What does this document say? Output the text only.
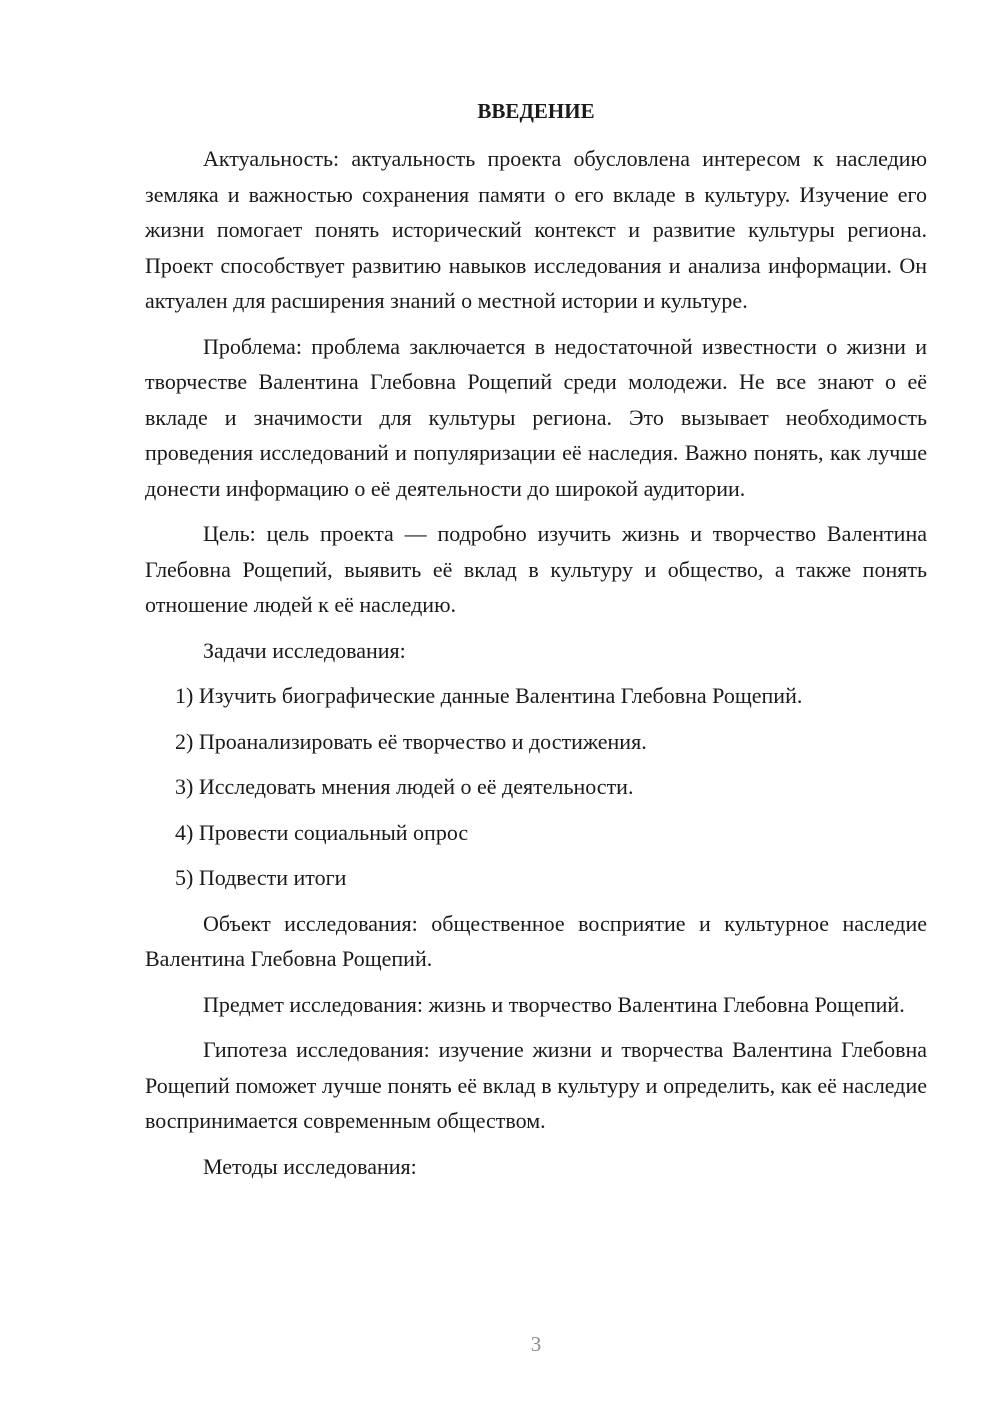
ВВЕДЕНИЕ

Актуальность: актуальность проекта обусловлена интересом к наследию земляка и важностью сохранения памяти о его вкладе в культуру. Изучение его жизни помогает понять исторический контекст и развитие культуры региона. Проект способствует развитию навыков исследования и анализа информации. Он актуален для расширения знаний о местной истории и культуре.

Проблема: проблема заключается в недостаточной известности о жизни и творчестве Валентина Глебовна Рощепий среди молодежи. Не все знают о её вкладе и значимости для культуры региона. Это вызывает необходимость проведения исследований и популяризации её наследия. Важно понять, как лучше донести информацию о её деятельности до широкой аудитории.

Цель: цель проекта — подробно изучить жизнь и творчество Валентина Глебовна Рощепий, выявить её вклад в культуру и общество, а также понять отношение людей к её наследию.

Задачи исследования:

1) Изучить биографические данные Валентина Глебовна Рощепий.

2) Проанализировать её творчество и достижения.

3) Исследовать мнения людей о её деятельности.

4) Провести социальный опрос

5) Подвести итоги

Объект исследования: общественное восприятие и культурное наследие Валентина Глебовна Рощепий.

Предмет исследования: жизнь и творчество Валентина Глебовна Рощепий.

Гипотеза исследования: изучение жизни и творчества Валентина Глебовна Рощепий поможет лучше понять её вклад в культуру и определить, как её наследие воспринимается современным обществом.

Методы исследования:

3
